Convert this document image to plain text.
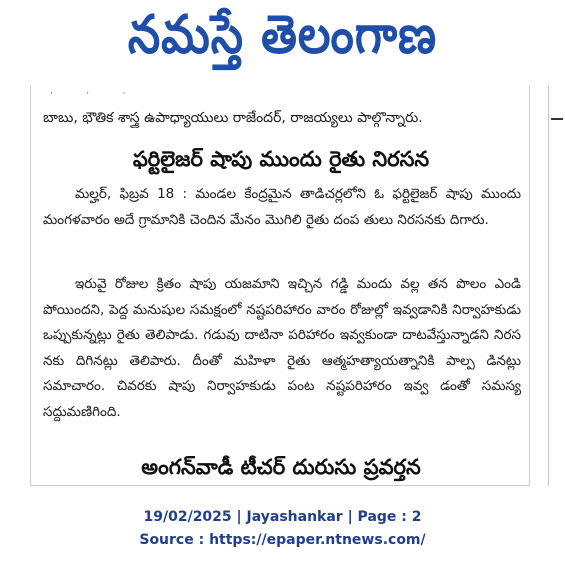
నమస్తే తెలంగాణ
˙ ˙ ˙
బాబు, భౌతిక శాస్త్ర ఉపాధ్యాయులు రాజేందర్, రాజయ్యలు పాల్గొన్నారు.
ఫర్టిలైజర్ షాపు ముందు రైతు నిరసన
మల్హర్, ఫిబ్రవ 18 : మండల కేంద్రమైన తాడిచర్లలోని ఓ ఫర్టిలైజర్ షాపు ముందు మంగళవారం అదే గ్రామానికి చెందిన మేనం మొగిలి రైతు దంప తులు నిరసనకు దిగారు.
ఇరువై రోజుల క్రితం షాపు యజమాని ఇచ్చిన గడ్డి మందు వల్ల తన పొలం ఎండి పోయిందని, పెద్ద మనుషుల సమక్షంలో నష్టపరిహారం వారం రోజుల్లో ఇవ్వడానికి నిర్వాహకుడు ఒప్పుకున్నట్లు రైతు తెలిపాడు. గడువు దాటినా పరిహారం ఇవ్వకుండా దాటవేస్తున్నాడని నిరస నకు దిగినట్లు తెలిపారు. దీంతో మహిళా రైతు ఆత్మహత్యాయత్నానికి పాల్ప డినట్లు సమాచారం. చివరకు షాపు నిర్వాహకుడు పంట నష్టపరిహారం ఇవ్వ డంతో సమస్య సద్దుమణిగింది.
అంగన్‌వాడీ టీచర్ దురుసు ప్రవర్తన
19/02/2025 | Jayashankar | Page : 2
Source : https://epaper.ntnews.com/
